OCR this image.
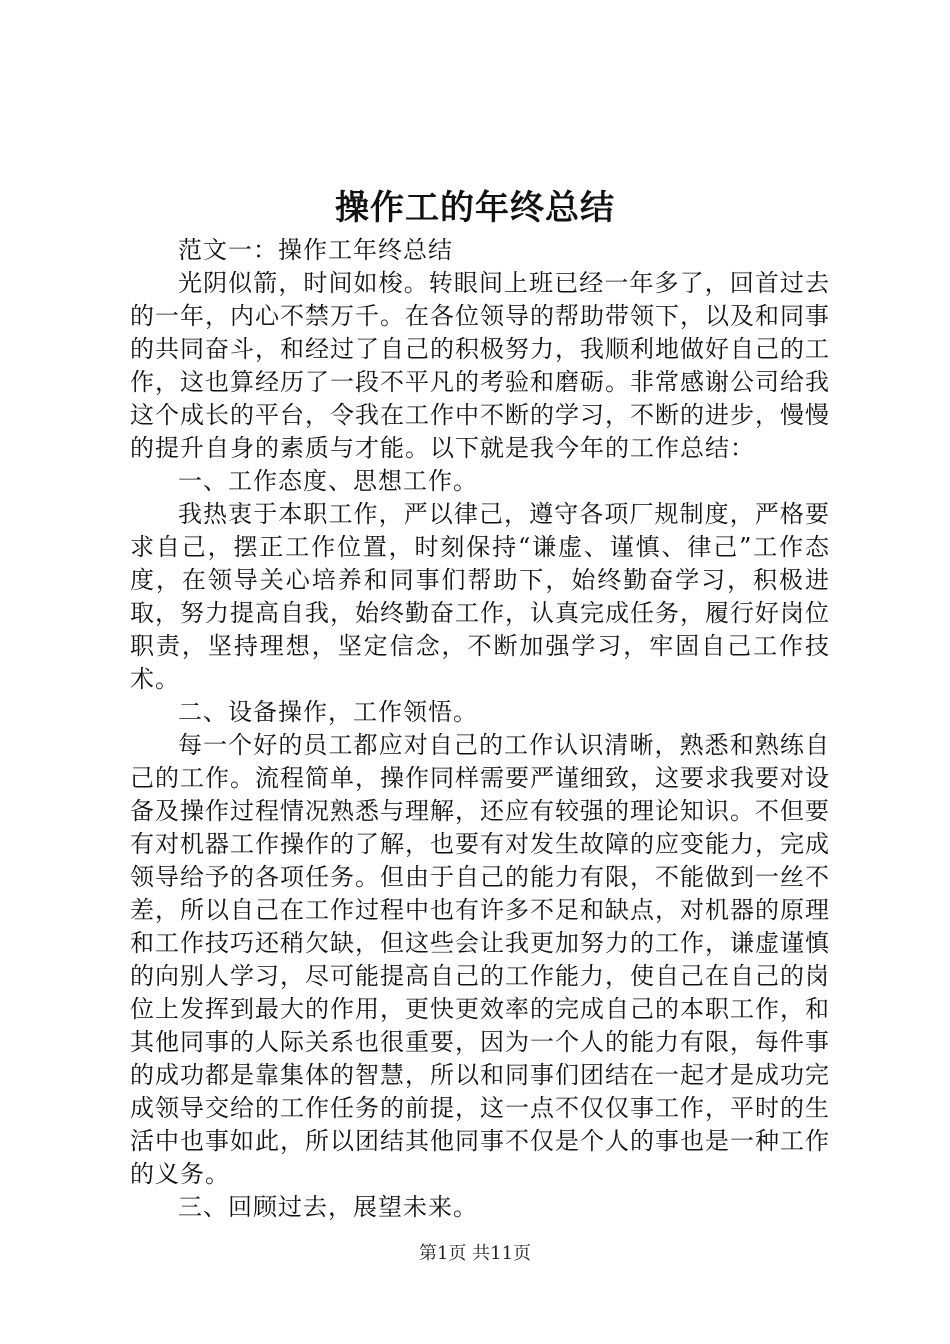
操作工的年终总结

范文一：操作工年终总结

光阴似箭，时间如梭。转眼间上班已经一年多了，回首过去的一年，内心不禁万千。在各位领导的帮助带领下，以及和同事的共同奋斗，和经过了自己的积极努力，我顺利地做好自己的工作，这也算经历了一段不平凡的考验和磨砺。非常感谢公司给我这个成长的平台，令我在工作中不断的学习，不断的进步，慢慢的提升自身的素质与才能。以下就是我今年的工作总结：

一、工作态度、思想工作。

我热衷于本职工作，严以律己，遵守各项厂规制度，严格要求自己，摆正工作位置，时刻保持“谦虚、谨慎、律己”工作态度，在领导关心培养和同事们帮助下，始终勤奋学习，积极进取，努力提高自我，始终勤奋工作，认真完成任务，履行好岗位职责，坚持理想，坚定信念，不断加强学习，牢固自己工作技术。

二、设备操作，工作领悟。

每一个好的员工都应对自己的工作认识清晰，熟悉和熟练自己的工作。流程简单，操作同样需要严谨细致，这要求我要对设备及操作过程情况熟悉与理解，还应有较强的理论知识。不但要有对机器工作操作的了解，也要有对发生故障的应变能力，完成领导给予的各项任务。但由于自己的能力有限，不能做到一丝不差，所以自己在工作过程中也有许多不足和缺点，对机器的原理和工作技巧还稍欠缺，但这些会让我更加努力的工作，谦虚谨慎的向别人学习，尽可能提高自己的工作能力，使自己在自己的岗位上发挥到最大的作用，更快更效率的完成自己的本职工作，和其他同事的人际关系也很重要，因为一个人的能力有限，每件事的成功都是靠集体的智慧，所以和同事们团结在一起才是成功完成领导交给的工作任务的前提，这一点不仅仅事工作，平时的生活中也事如此，所以团结其他同事不仅是个人的事也是一种工作的义务。

三、回顾过去，展望未来。

第1页 共11页
